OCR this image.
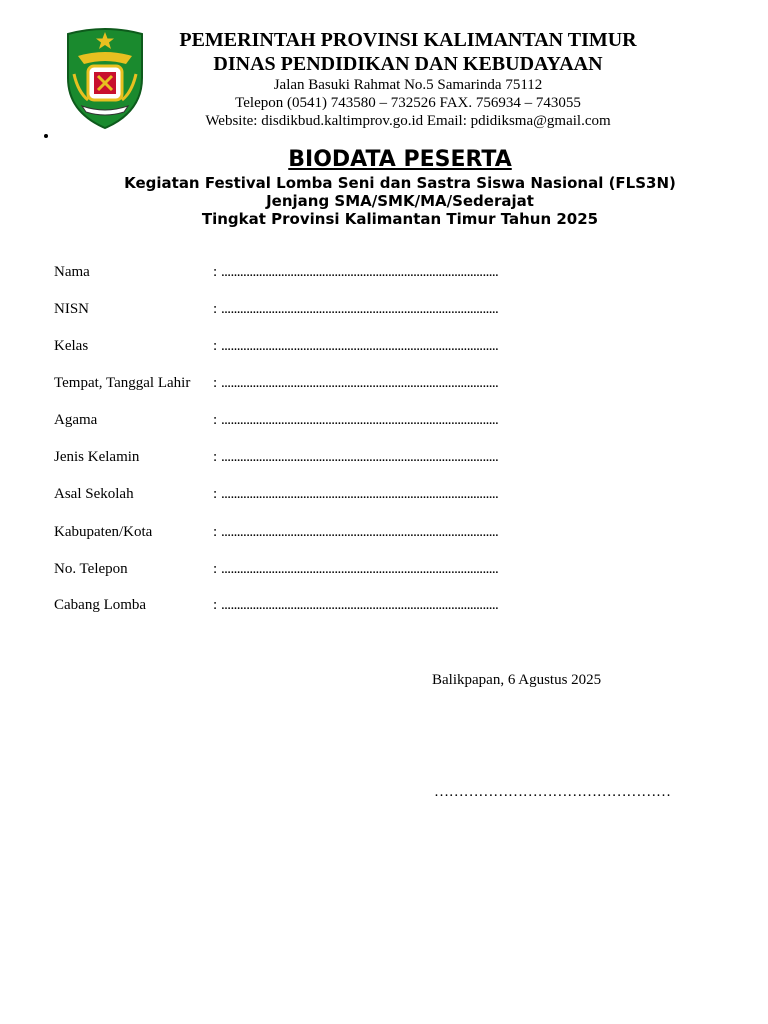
PEMERINTAH PROVINSI KALIMANTAN TIMUR
DINAS PENDIDIKAN DAN KEBUDAYAAN
Jalan Basuki Rahmat No.5 Samarinda 75112
Telepon (0541) 743580 – 732526 FAX. 756934 – 743055
Website: disdikbud.kaltimprov.go.id Email: pdidiksma@gmail.com
BIODATA PESERTA
Kegiatan Festival Lomba Seni dan Sastra Siswa Nasional (FLS3N)
Jenjang SMA/SMK/MA/Sederajat
Tingkat Provinsi Kalimantan Timur Tahun 2025
Nama	: ........................................................................................
NISN	: ........................................................................................
Kelas	: ........................................................................................
Tempat, Tanggal Lahir : ........................................................................................
Agama	: ........................................................................................
Jenis Kelamin	: ........................................................................................
Asal Sekolah	: ........................................................................................
Kabupaten/Kota	: ........................................................................................
No. Telepon	: ........................................................................................
Cabang Lomba	: ........................................................................................
Balikpapan, 6 Agustus 2025
…………………………………………
